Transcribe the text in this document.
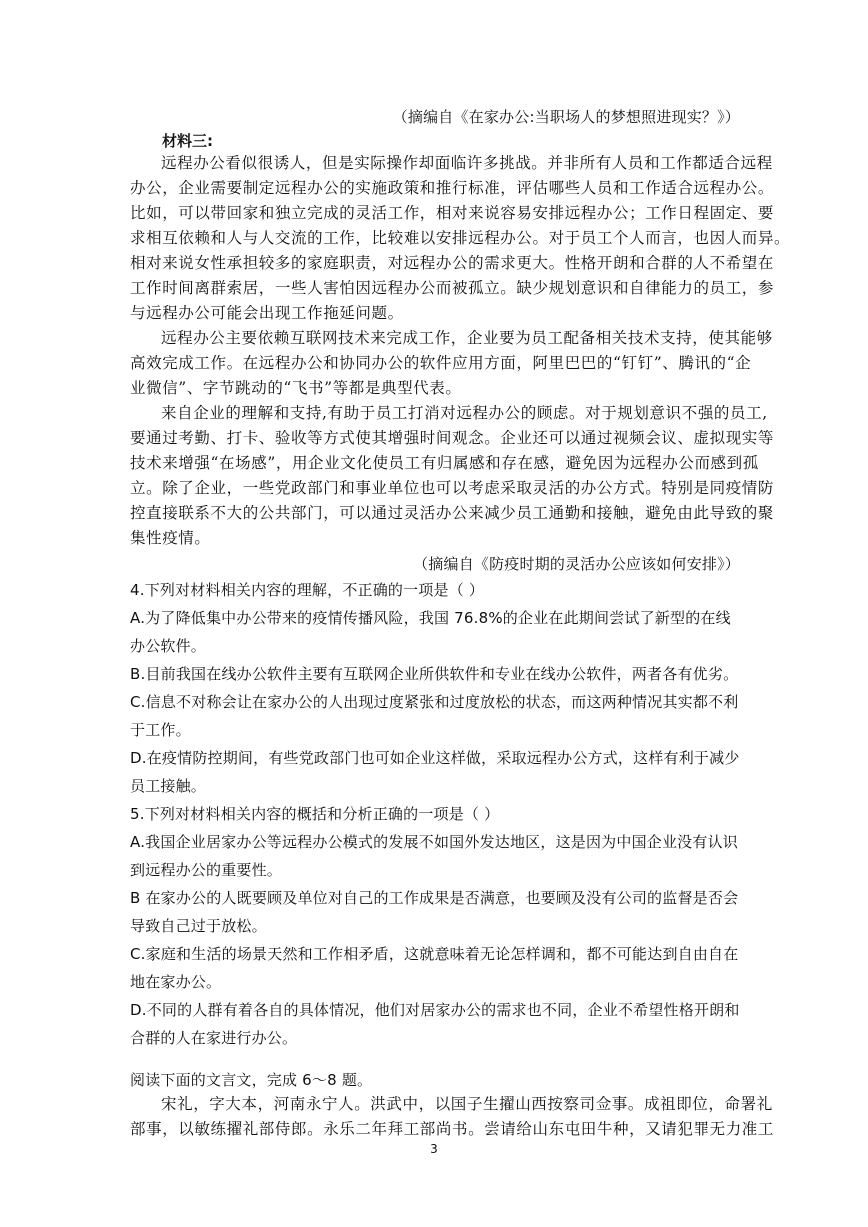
（摘编自《在家办公:当职场人的梦想照进现实？》）
材料三:
远程办公看似很诱人，但是实际操作却面临许多挑战。并非所有人员和工作都适合远程
办公，企业需要制定远程办公的实施政策和推行标准，评估哪些人员和工作适合远程办公。
比如，可以带回家和独立完成的灵活工作，相对来说容易安排远程办公；工作日程固定、要
求相互依赖和人与人交流的工作，比较难以安排远程办公。对于员工个人而言，也因人而异。
相对来说女性承担较多的家庭职责，对远程办公的需求更大。性格开朗和合群的人不希望在
工作时间离群索居，一些人害怕因远程办公而被孤立。缺少规划意识和自律能力的员工，参
与远程办公可能会出现工作拖延问题。
远程办公主要依赖互联网技术来完成工作，企业要为员工配备相关技术支持，使其能够
高效完成工作。在远程办公和协同办公的软件应用方面，阿里巴巴的“钉钉”、腾讯的“企
业微信”、字节跳动的“飞书”等都是典型代表。
来自企业的理解和支持,有助于员工打消对远程办公的顾虑。对于规划意识不强的员工,
要通过考勤、打卡、验收等方式使其增强时间观念。企业还可以通过视频会议、虚拟现实等
技术来增强“在场感”，用企业文化使员工有归属感和存在感，避免因为远程办公而感到孤
立。除了企业，一些党政部门和事业单位也可以考虑采取灵活的办公方式。特别是同疫情防
控直接联系不大的公共部门，可以通过灵活办公来减少员工通勤和接触，避免由此导致的聚
集性疫情。
（摘编自《防疫时期的灵活办公应该如何安排》）
4.下列对材料相关内容的理解，不正确的一项是（ ）
A.为了降低集中办公带来的疫情传播风险，我国 76.8%的企业在此期间尝试了新型的在线
办公软件。
B.目前我国在线办公软件主要有互联网企业所供软件和专业在线办公软件，两者各有优劣。
C.信息不对称会让在家办公的人出现过度紧张和过度放松的状态，而这两种情况其实都不利
于工作。
D.在疫情防控期间，有些党政部门也可如企业这样做，采取远程办公方式，这样有利于减少
员工接触。
5.下列对材料相关内容的概括和分析正确的一项是（ ）
A.我国企业居家办公等远程办公模式的发展不如国外发达地区，这是因为中国企业没有认识
到远程办公的重要性。
B 在家办公的人既要顾及单位对自己的工作成果是否满意，也要顾及没有公司的监督是否会
导致自己过于放松。
C.家庭和生活的场景天然和工作相矛盾，这就意味着无论怎样调和，都不可能达到自由自在
地在家办公。
D.不同的人群有着各自的具体情况，他们对居家办公的需求也不同，企业不希望性格开朗和
合群的人在家进行办公。
阅读下面的文言文，完成 6～8 题。
宋礼，字大本，河南永宁人。洪武中，以国子生擢山西按察司佥事。成祖即位，命署礼
部事，以敏练擢礼部侍郎。永乐二年拜工部尚书。尝请给山东屯田牛种，又请犯罪无力准工
3
